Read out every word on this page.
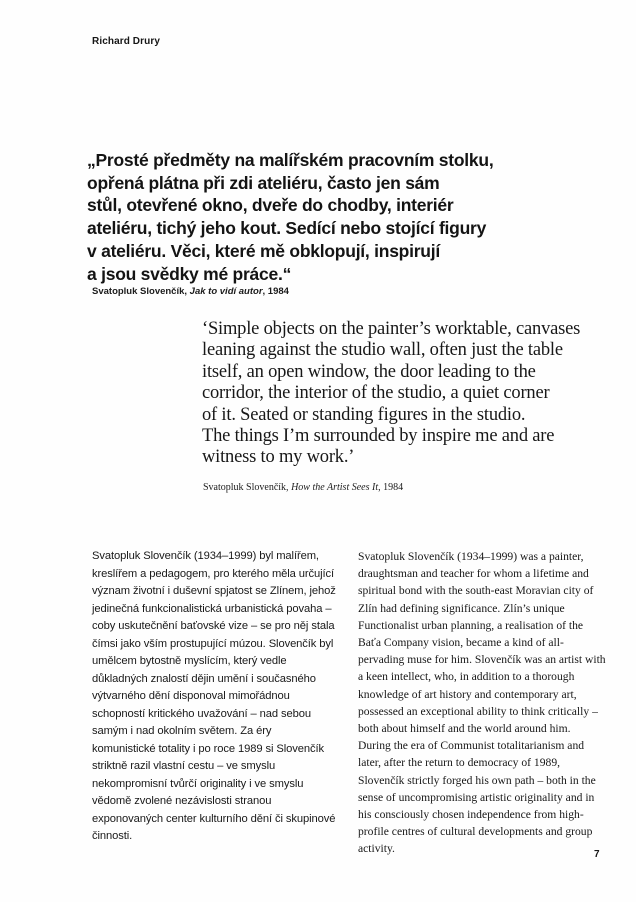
Richard Drury
„Prosté předměty na malířském pracovním stolku,
opřená plátna při zdi ateliéru, často jen sám
stůl, otevřené okno, dveře do chodby, interiér
ateliéru, tichý jeho kout. Sedící nebo stojící figury
v ateliéru. Věci, které mě obklopují, inspirují
a jsou svědky mé práce.“
Svatopluk Slovenčík, Jak to vidí autor, 1984
‘Simple objects on the painter’s worktable, canvases
leaning against the studio wall, often just the table
itself, an open window, the door leading to the
corridor, the interior of the studio, a quiet corner
of it. Seated or standing figures in the studio.
The things I’m surrounded by inspire me and are
witness to my work.’
Svatopluk Slovenčík, How the Artist Sees It, 1984
Svatopluk Slovenčík (1934–1999) byl malířem, kreslířem a pedagogem, pro kterého měla určující význam životní i duševní spjatost se Zlínem, jehož jedinečná funkcionalistická urbanistická povaha – coby uskutečnění baťovské vize – se pro něj stala čímsi jako vším prostupující múzou. Slovenčík byl umělcem bytostně myslícím, který vedle důkladných znalostí dějin umění i současného výtvarného dění disponoval mimořádnou schopností kritického uvažování – nad sebou samým i nad okolním světem. Za éry komunistické totality i po roce 1989 si Slovenčík striktně razil vlastní cestu – ve smyslu nekompromisní tvůrčí originality i ve smyslu vědomě zvolené nezávislosti stranou exponovaných center kulturního dění či skupinové činnosti.
Svatopluk Slovenčík (1934–1999) was a painter, draughtsman and teacher for whom a lifetime and spiritual bond with the south-east Moravian city of Zlín had defining significance. Zlín’s unique Functionalist urban planning, a realisation of the Baťa Company vision, became a kind of all-pervading muse for him. Slovenčík was an artist with a keen intellect, who, in addition to a thorough knowledge of art history and contemporary art, possessed an exceptional ability to think critically – both about himself and the world around him. During the era of Communist totalitarianism and later, after the return to democracy of 1989, Slovenčík strictly forged his own path – both in the sense of uncompromising artistic originality and in his consciously chosen independence from high-profile centres of cultural developments and group activity.	7
